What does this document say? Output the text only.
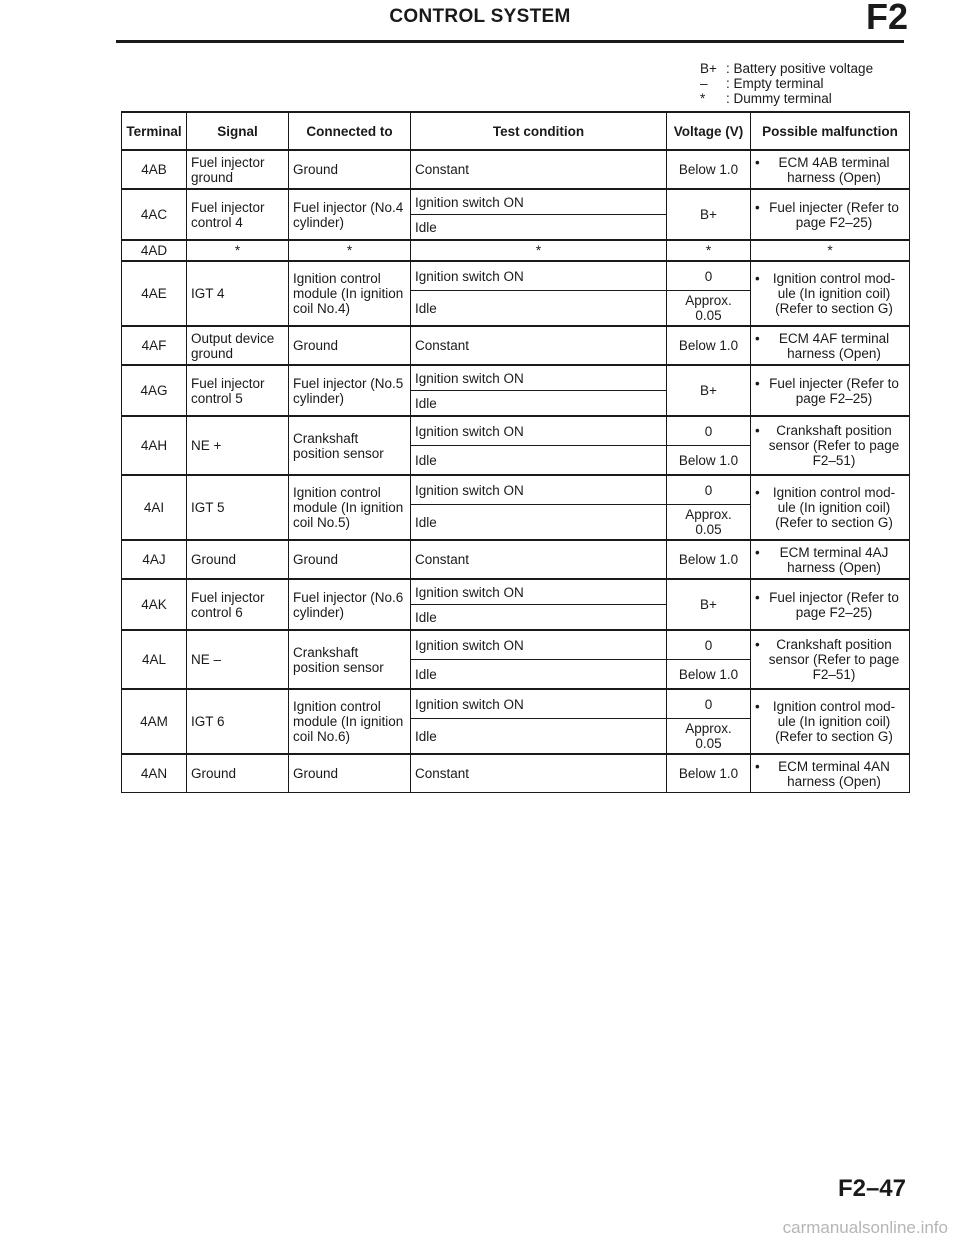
CONTROL SYSTEM	F2
B+ : Battery positive voltage
–	: Empty terminal
*	: Dummy terminal
Terminal	Signal	Connected to	Test condition	Voltage (V)	Possible malfunction
4AB	Fuel injector ground	Ground	Constant	Below 1.0	• ECM 4AB terminal harness (Open)
4AC	Fuel injector control 4	Fuel injector (No.4 cylinder)	Ignition switch ON	B+	• Fuel injecter (Refer to page F2–25)
			Idle		
4AD	*	*	*	*	*
4AE	IGT 4	Ignition control module (In ignition coil No.4)	Ignition switch ON	0	• Ignition control mod-ule (In ignition coil) (Refer to section G)
			Idle	Approx. 0.05	
4AF	Output device ground	Ground	Constant	Below 1.0	• ECM 4AF terminal harness (Open)
4AG	Fuel injector control 5	Fuel injector (No.5 cylinder)	Ignition switch ON	B+	• Fuel injecter (Refer to page F2–25)
			Idle		
4AH	NE +	Crankshaft position sensor	Ignition switch ON	0	• Crankshaft position sensor (Refer to page F2–51)
			Idle	Below 1.0	
4AI	IGT 5	Ignition control module (In ignition coil No.5)	Ignition switch ON	0	• Ignition control mod-ule (In ignition coil) (Refer to section G)
			Idle	Approx. 0.05	
4AJ	Ground	Ground	Constant	Below 1.0	• ECM terminal 4AJ harness (Open)
4AK	Fuel injector control 6	Fuel injector (No.6 cylinder)	Ignition switch ON	B+	• Fuel injector (Refer to page F2–25)
			Idle		
4AL	NE –	Crankshaft position sensor	Ignition switch ON	0	• Crankshaft position sensor (Refer to page F2–51)
			Idle	Below 1.0	
4AM	IGT 6	Ignition control module (In ignition coil No.6)	Ignition switch ON	0	• Ignition control mod-ule (In ignition coil) (Refer to section G)
			Idle	Approx. 0.05	
4AN	Ground	Ground	Constant	Below 1.0	• ECM terminal 4AN harness (Open)
F2–47
carmanualsonline.info
